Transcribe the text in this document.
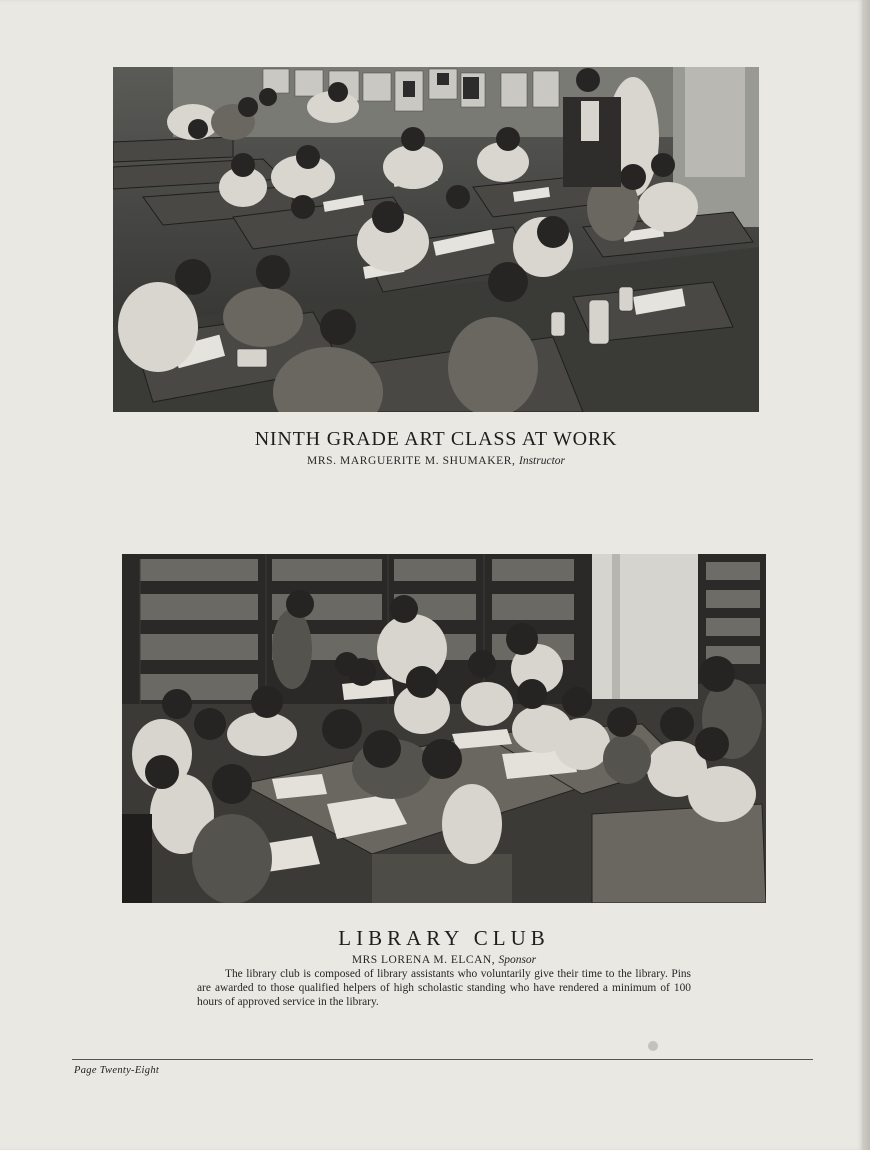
NINTH GRADE ART CLASS AT WORK

MRS. MARGUERITE M. SHUMAKER, Instructor

LIBRARY CLUB

MRS LORENA M. ELCAN, Sponsor

The library club is composed of library assistants who voluntarily give their time to the library. Pins are awarded to those qualified helpers of high scholastic standing who have rendered a minimum of 100 hours of approved service in the library.

Page Twenty-Eight
